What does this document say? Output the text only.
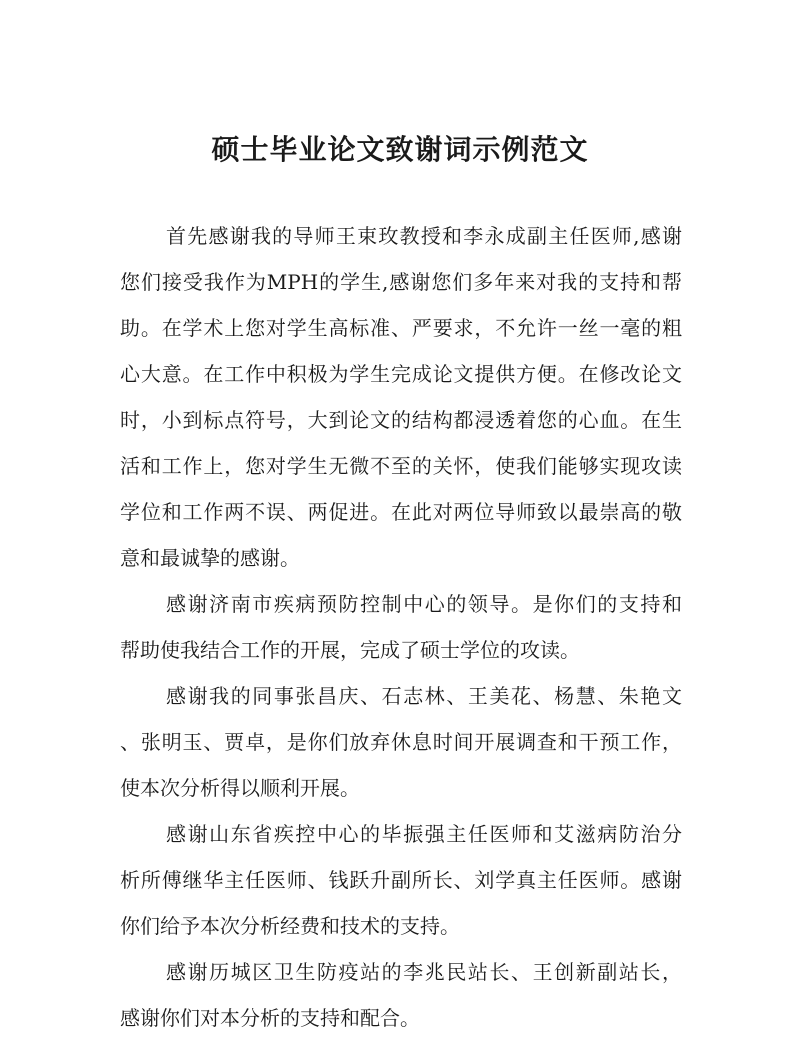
硕士毕业论文致谢词示例范文
首先感谢我的导师王束玫教授和李永成副主任医师,感谢
您们接受我作为MPH的学生,感谢您们多年来对我的支持和帮
助。在学术上您对学生高标准、严要求，不允许一丝一毫的粗
心大意。在工作中积极为学生完成论文提供方便。在修改论文
时，小到标点符号，大到论文的结构都浸透着您的心血。在生
活和工作上，您对学生无微不至的关怀，使我们能够实现攻读
学位和工作两不误、两促进。在此对两位导师致以最崇高的敬
意和最诚挚的感谢。
感谢济南市疾病预防控制中心的领导。是你们的支持和
帮助使我结合工作的开展，完成了硕士学位的攻读。
感谢我的同事张昌庆、石志林、王美花、杨慧、朱艳文
、张明玉、贾卓，是你们放弃休息时间开展调查和干预工作，
使本次分析得以顺利开展。
感谢山东省疾控中心的毕振强主任医师和艾滋病防治分
析所傅继华主任医师、钱跃升副所长、刘学真主任医师。感谢
你们给予本次分析经费和技术的支持。
感谢历城区卫生防疫站的李兆民站长、王创新副站长，
感谢你们对本分析的支持和配合。
